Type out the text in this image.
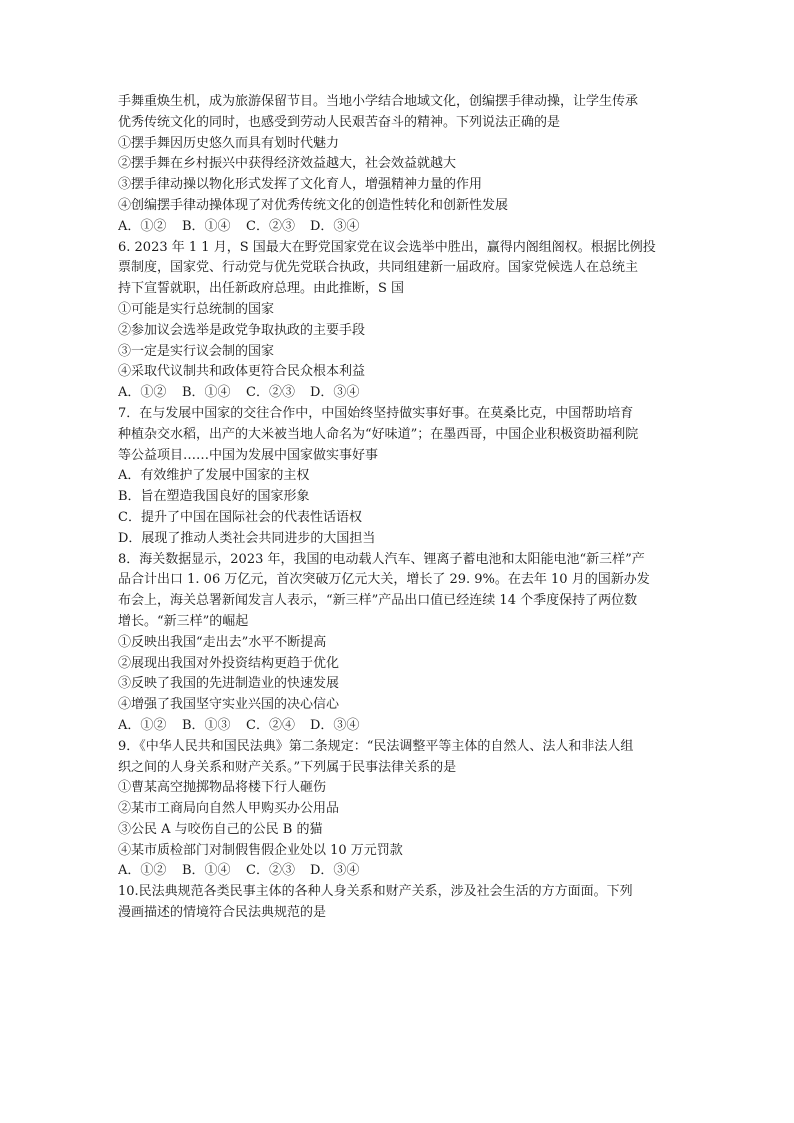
手舞重焕生机，成为旅游保留节目。当地小学结合地域文化，创编摆手律动操，让学生传承
优秀传统文化的同时，也感受到劳动人民艰苦奋斗的精神。下列说法正确的是
①摆手舞因历史悠久而具有划时代魅力
②摆手舞在乡村振兴中获得经济效益越大，社会效益就越大
③摆手律动操以物化形式发挥了文化育人，增强精神力量的作用
④创编摆手律动操体现了对优秀传统文化的创造性转化和创新性发展
A．①②	B．①④	C．②③	D．③④
6. 2023 年 1 1 月，S 国最大在野党国家党在议会选举中胜出，赢得内阁组阁权。根据比例投
票制度，国家党、行动党与优先党联合执政，共同组建新一届政府。国家党候选人在总统主
持下宣誓就职，出任新政府总理。由此推断，S 国
①可能是实行总统制的国家
②参加议会选举是政党争取执政的主要手段
③一定是实行议会制的国家
④采取代议制共和政体更符合民众根本利益
A．①②	B．①④	C．②③	D．③④
7．在与发展中国家的交往合作中，中国始终坚持做实事好事。在莫桑比克，中国帮助培育
种植杂交水稻，出产的大米被当地人命名为“好味道”；在墨西哥，中国企业积极资助福利院
等公益项目……中国为发展中国家做实事好事
A．有效维护了发展中国家的主权
B．旨在塑造我国良好的国家形象
C．提升了中国在国际社会的代表性话语权
D．展现了推动人类社会共同进步的大国担当
8．海关数据显示，2023 年，我国的电动载人汽车、锂离子蓄电池和太阳能电池“新三样”产
品合计出口 1. 06 万亿元，首次突破万亿元大关，增长了 29. 9%。在去年 10 月的国新办发
布会上，海关总署新闻发言人表示，“新三样”产品出口值已经连续 14 个季度保持了两位数
增长。“新三样”的崛起
①反映出我国“走出去”水平不断提高
②展现出我国对外投资结构更趋于优化
③反映了我国的先进制造业的快速发展
④增强了我国坚守实业兴国的决心信心
A．①②	B．①③	C．②④	D．③④
9．《中华人民共和国民法典》第二条规定：“民法调整平等主体的自然人、法人和非法人组
织之间的人身关系和财产关系。”下列属于民事法律关系的是
①曹某高空抛掷物品将楼下行人砸伤
②某市工商局向自然人甲购买办公用品
③公民 A 与咬伤自己的公民 B 的猫
④某市质检部门对制假售假企业处以 10 万元罚款
A．①②	B．①④	C．②③	D．③④
10.民法典规范各类民事主体的各种人身关系和财产关系，涉及社会生活的方方面面。下列
漫画描述的情境符合民法典规范的是
